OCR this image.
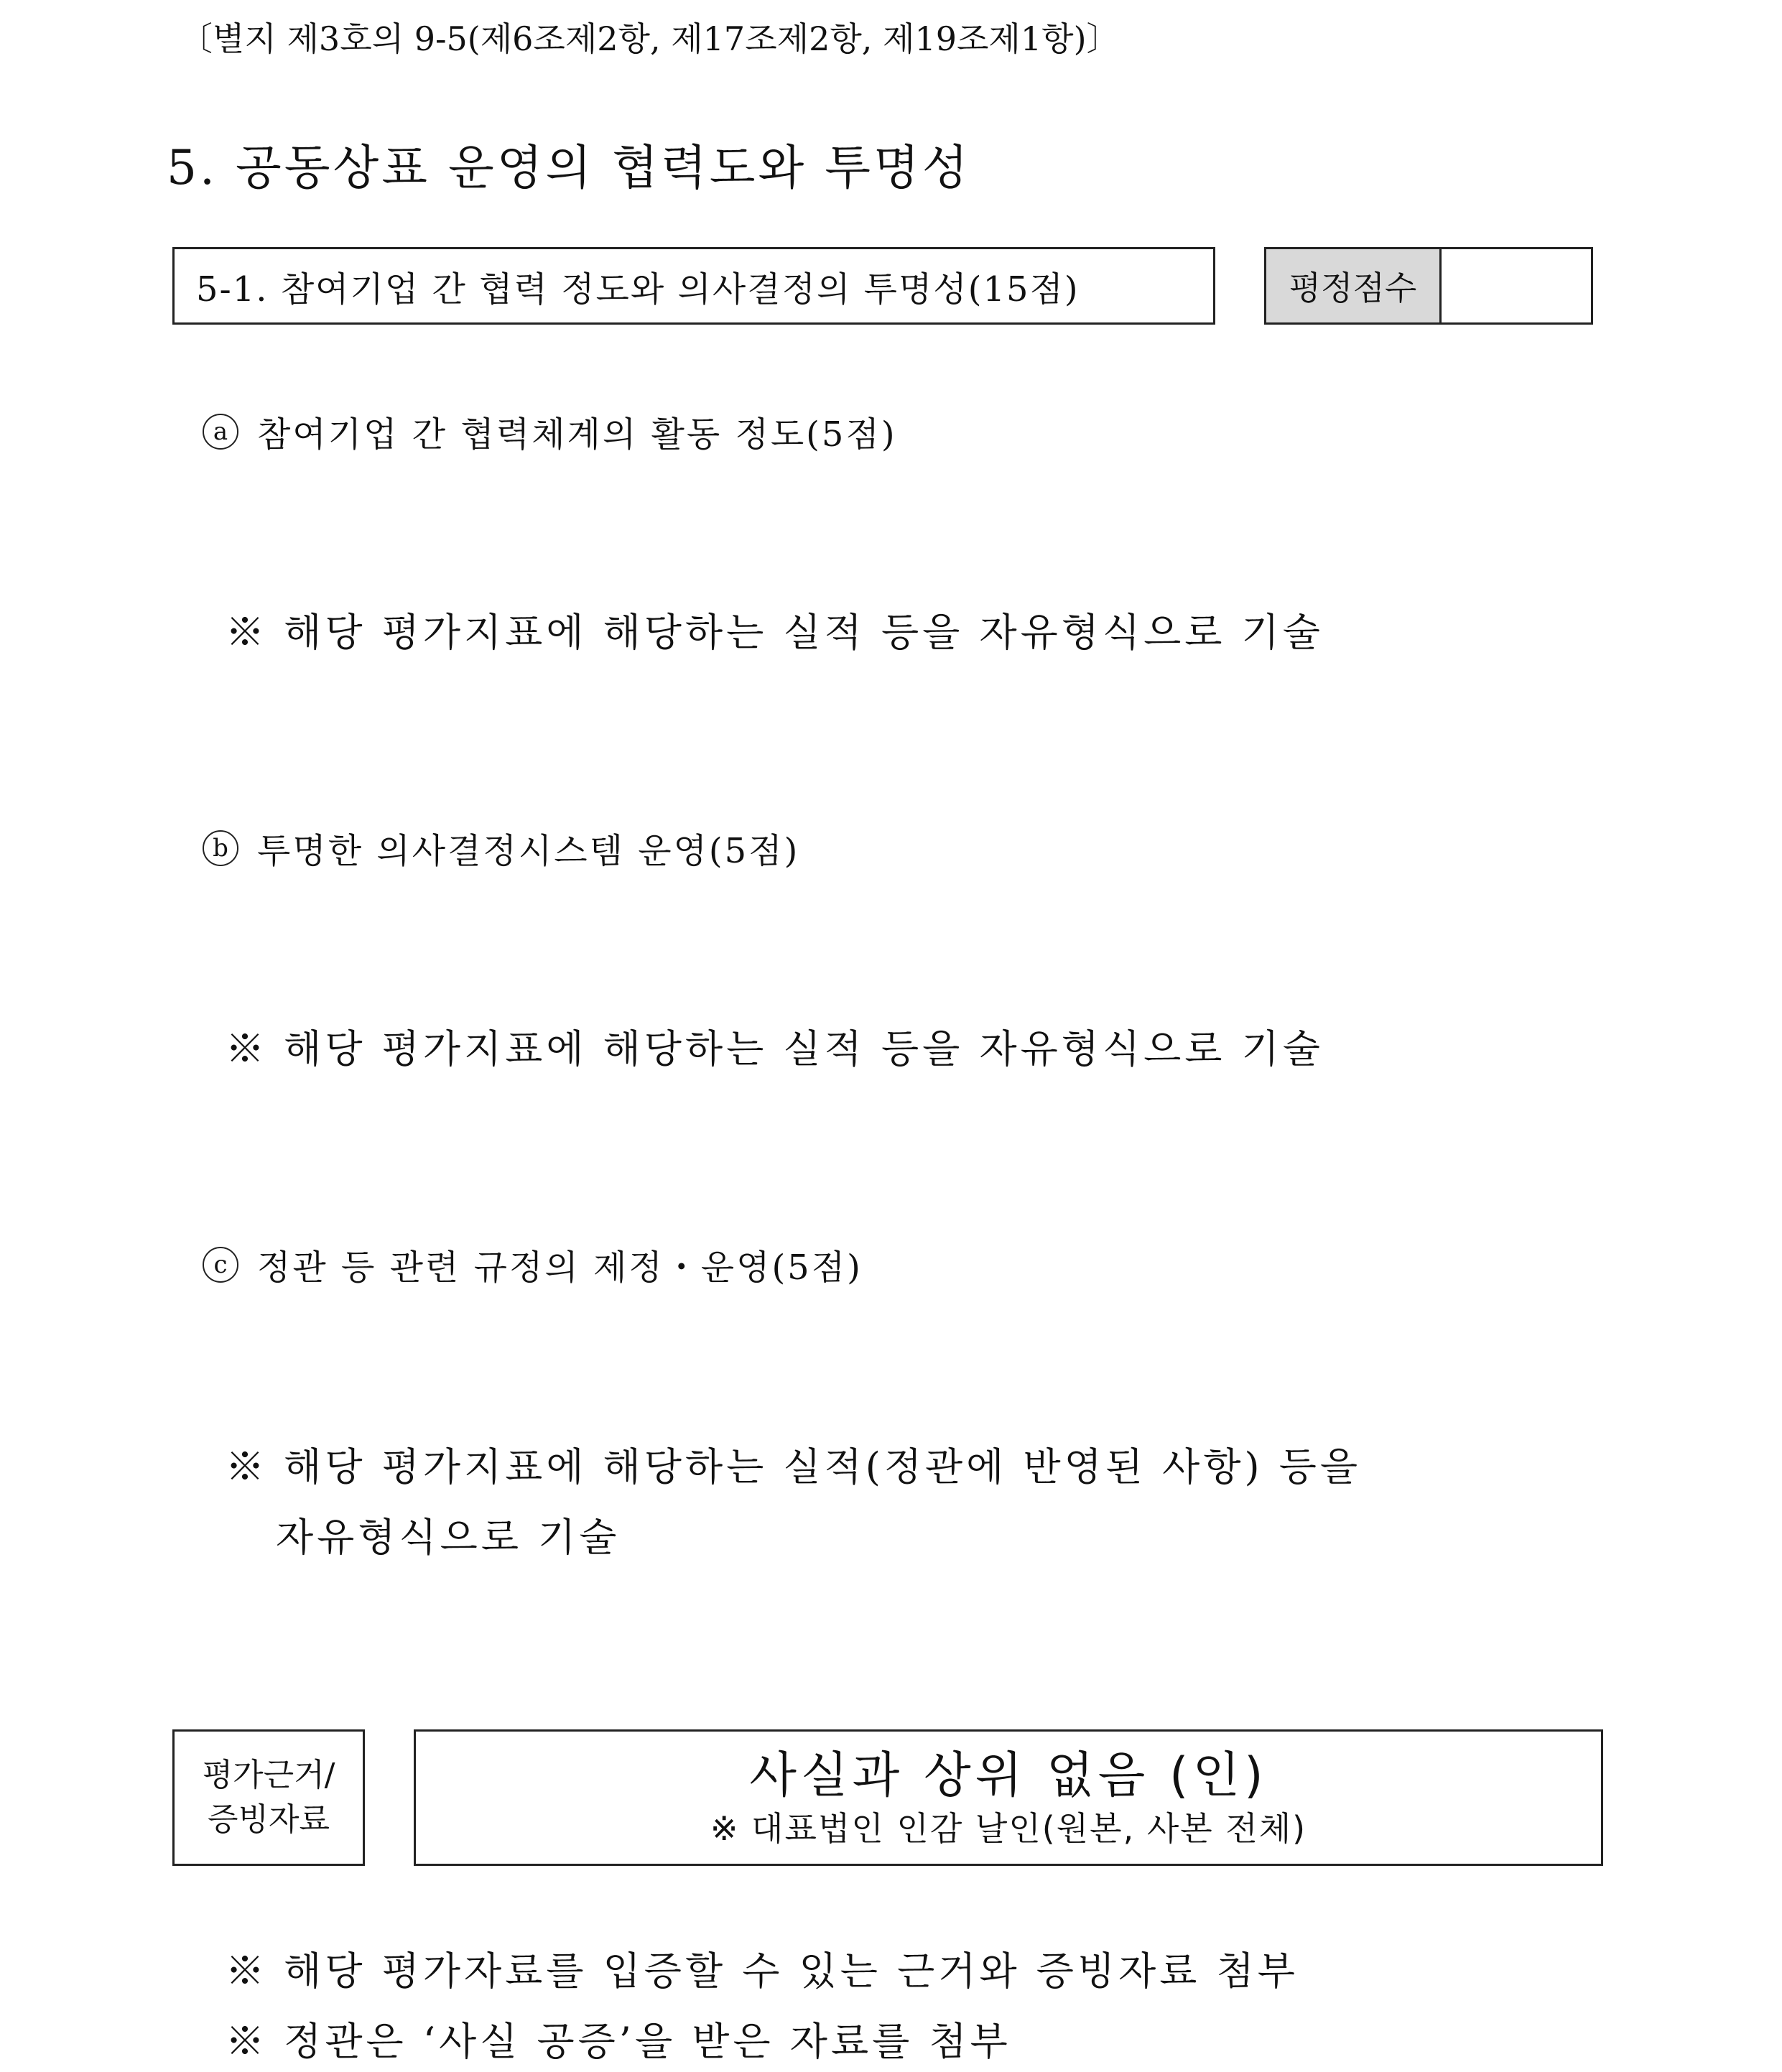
〔별지 제3호의 9-5(제6조제2항, 제17조제2항, 제19조제1항)〕
5. 공동상표 운영의 협력도와 투명성
5-1. 참여기업 간 협력 정도와 의사결정의 투명성(15점)	평정점수
a 참여기업 간 협력체계의 활동 정도(5점)
※ 해당 평가지표에 해당하는 실적 등을 자유형식으로 기술
b 투명한 의사결정시스템 운영(5점)
※ 해당 평가지표에 해당하는 실적 등을 자유형식으로 기술
c 정관 등 관련 규정의 제정・운영(5점)
※ 해당 평가지표에 해당하는 실적(정관에 반영된 사항) 등을
자유형식으로 기술
평가근거/
증빙자료
사실과 상위 없음 (인)
※ 대표법인 인감 날인(원본, 사본 전체)
※ 해당 평가자료를 입증할 수 있는 근거와 증빙자료 첨부
※ 정관은 ‘사실 공증’을 받은 자료를 첨부
